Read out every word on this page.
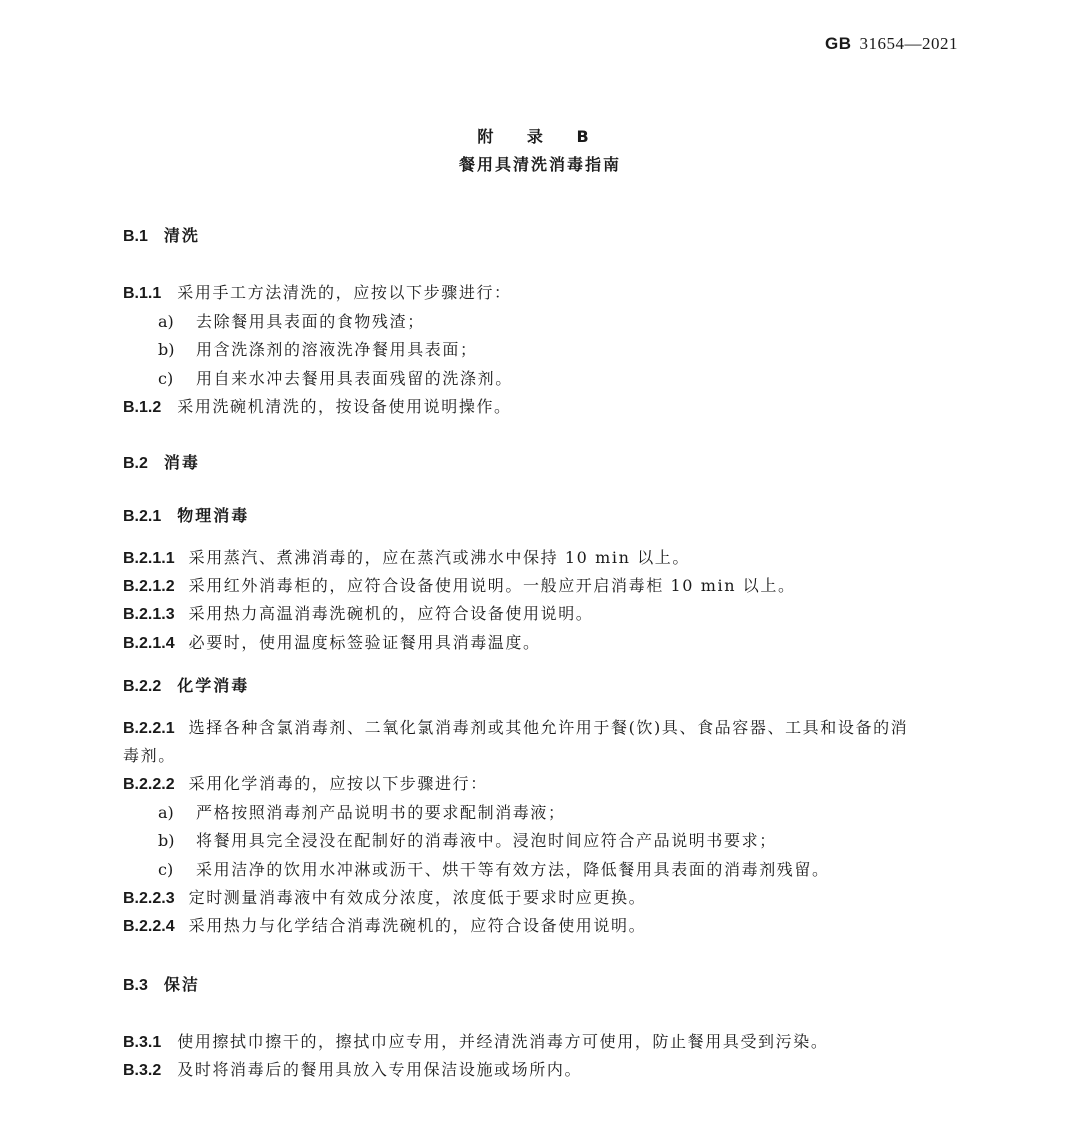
GB 31654—2021
附 录 B
餐用具清洗消毒指南
B.1 清洗
B.1.1 采用手工方法清洗的，应按以下步骤进行：
a) 去除餐用具表面的食物残渣；
b) 用含洗涤剂的溶液洗净餐用具表面；
c) 用自来水冲去餐用具表面残留的洗涤剂。
B.1.2 采用洗碗机清洗的，按设备使用说明操作。
B.2 消毒
B.2.1 物理消毒
B.2.1.1 采用蒸汽、煮沸消毒的，应在蒸汽或沸水中保持 10 min 以上。
B.2.1.2 采用红外消毒柜的，应符合设备使用说明。一般应开启消毒柜 10 min 以上。
B.2.1.3 采用热力高温消毒洗碗机的，应符合设备使用说明。
B.2.1.4 必要时，使用温度标签验证餐用具消毒温度。
B.2.2 化学消毒
B.2.2.1 选择各种含氯消毒剂、二氧化氯消毒剂或其他允许用于餐(饮)具、食品容器、工具和设备的消
毒剂。
B.2.2.2 采用化学消毒的，应按以下步骤进行：
a) 严格按照消毒剂产品说明书的要求配制消毒液；
b) 将餐用具完全浸没在配制好的消毒液中。浸泡时间应符合产品说明书要求；
c) 采用洁净的饮用水冲淋或沥干、烘干等有效方法，降低餐用具表面的消毒剂残留。
B.2.2.3 定时测量消毒液中有效成分浓度，浓度低于要求时应更换。
B.2.2.4 采用热力与化学结合消毒洗碗机的，应符合设备使用说明。
B.3 保洁
B.3.1 使用擦拭巾擦干的，擦拭巾应专用，并经清洗消毒方可使用，防止餐用具受到污染。
B.3.2 及时将消毒后的餐用具放入专用保洁设施或场所内。
